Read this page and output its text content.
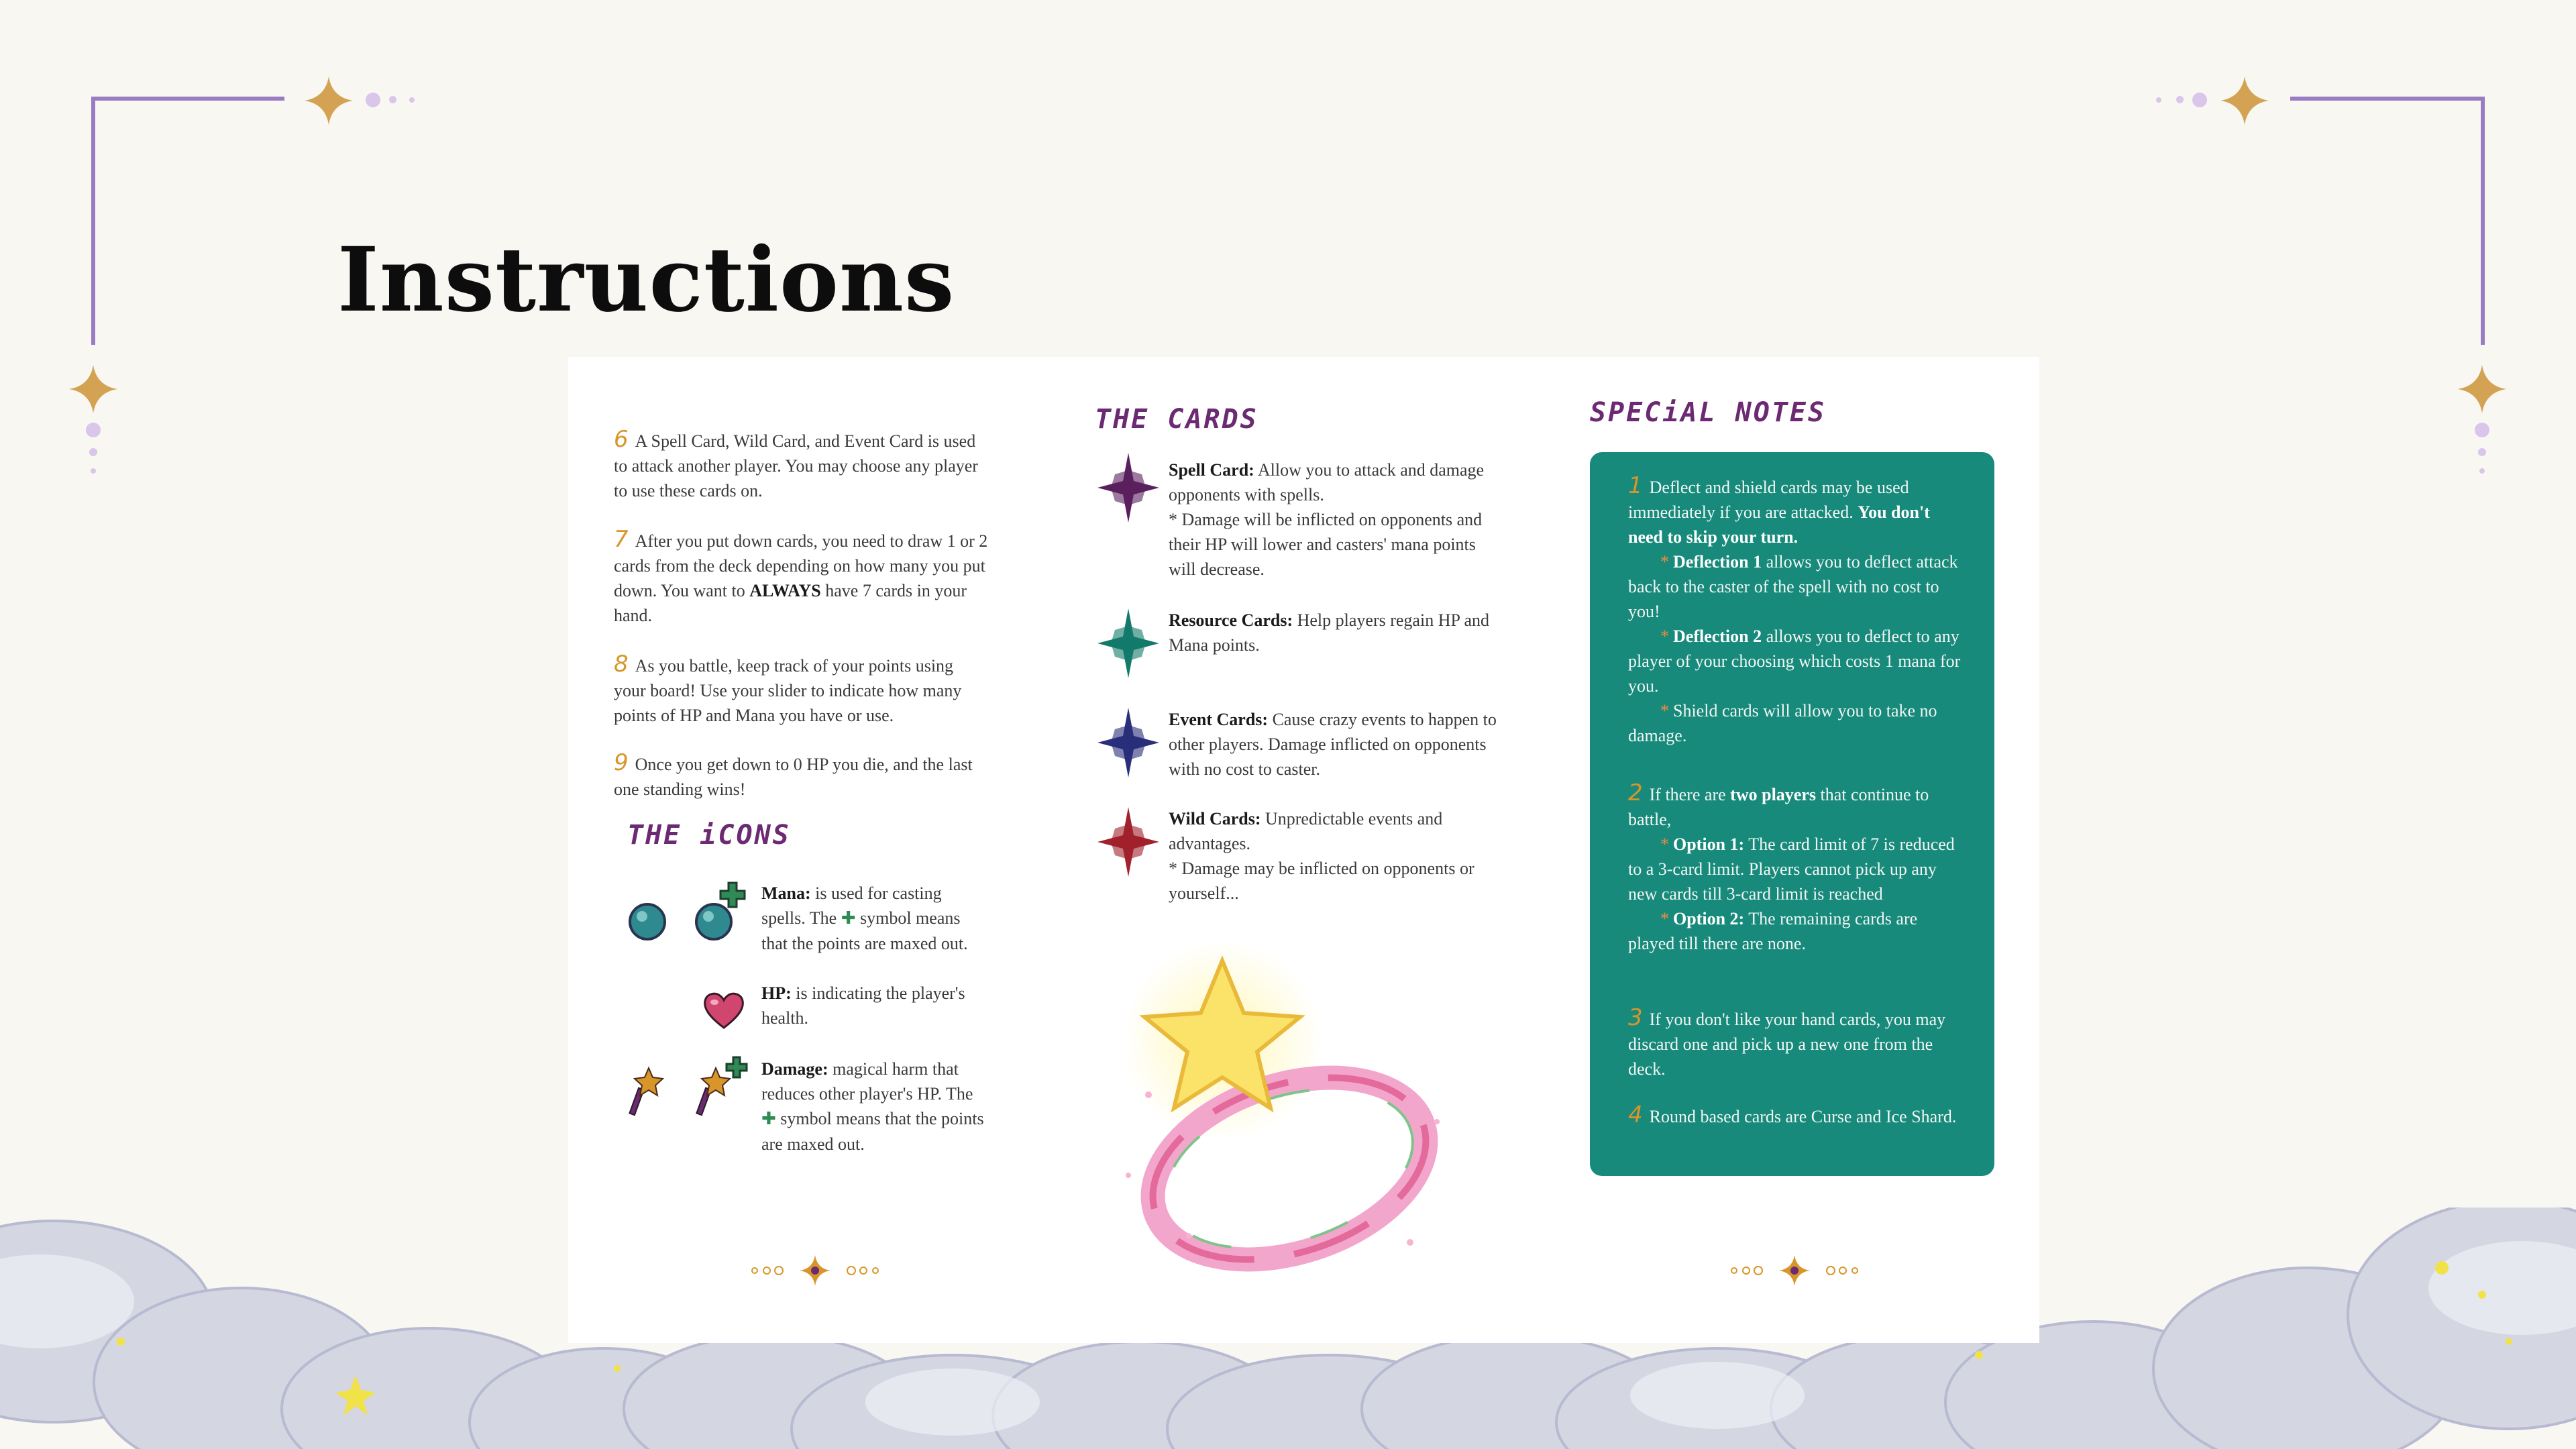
Instructions
6 A Spell Card, Wild Card, and Event Card is used to attack another player. You may choose any player to use these cards on.
7 After you put down cards, you need to draw 1 or 2 cards from the deck depending on how many you put down. You want to ALWAYS have 7 cards in your hand.
8 As you battle, keep track of your points using your board! Use your slider to indicate how many points of HP and Mana you have or use.
9 Once you get down to 0 HP you die, and the last one standing wins!
THE iCONS
Mana: is used for casting spells. The ✚ symbol means that the points are maxed out.
HP: is indicating the player's health.
Damage: magical harm that reduces other player's HP. The ✚ symbol means that the points are maxed out.
THE CARDS
Spell Card: Allow you to attack and damage opponents with spells.
* Damage will be inflicted on opponents and their HP will lower and casters' mana points will decrease.
Resource Cards: Help players regain HP and Mana points.
Event Cards: Cause crazy events to happen to other players. Damage inflicted on opponents with no cost to caster.
Wild Cards: Unpredictable events and advantages.
* Damage may be inflicted on opponents or yourself...
SPECiAL NOTES
1 Deflect and shield cards may be used immediately if you are attacked. You don't need to skip your turn.
* Deflection 1 allows you to deflect attack back to the caster of the spell with no cost to you!
* Deflection 2 allows you to deflect to any player of your choosing which costs 1 mana for you.
* Shield cards will allow you to take no damage.
2 If there are two players that continue to battle,
* Option 1: The card limit of 7 is reduced to a 3-card limit. Players cannot pick up any new cards till 3-card limit is reached
* Option 2: The remaining cards are played till there are none.
3 If you don't like your hand cards, you may discard one and pick up a new one from the deck.
4 Round based cards are Curse and Ice Shard.
